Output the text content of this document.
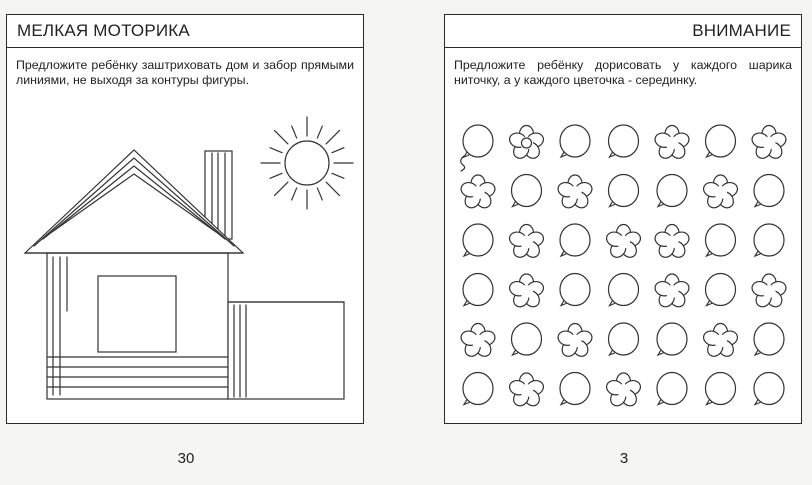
МЕЛКАЯ МОТОРИКА
Предложите ребёнку заштриховать дом и забор прямыми линиями, не выходя за контуры фигуры.
ВНИМАНИЕ
Предложите ребёнку дорисовать у каждого шарика ниточку, а у каждого цветочка - серединку.
30	3
